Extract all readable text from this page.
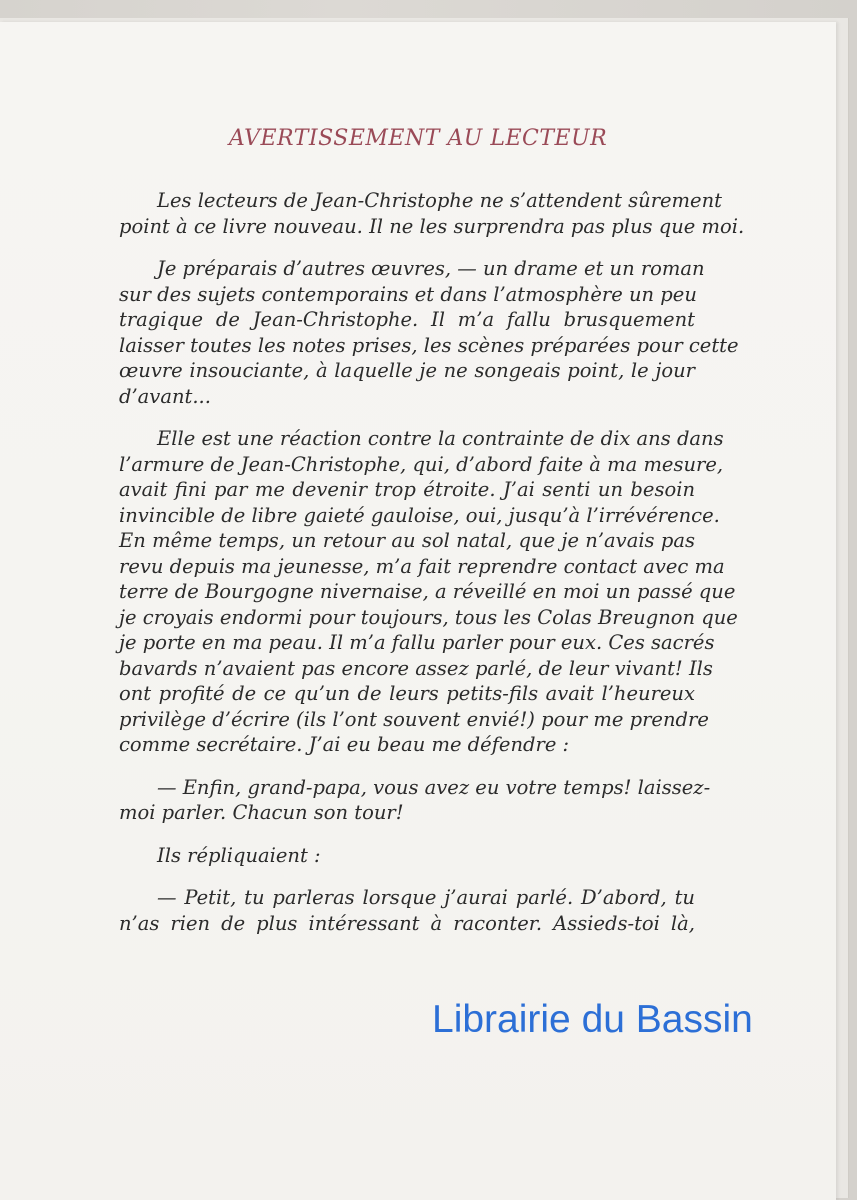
AVERTISSEMENT AU LECTEUR
Les lecteurs de Jean-Christophe ne s’attendent sûrement
point à ce livre nouveau. Il ne les surprendra pas plus que moi.
Je préparais d’autres œuvres, — un drame et un roman
sur des sujets contemporains et dans l’atmosphère un peu
tragique de Jean-Christophe. Il m’a fallu brusquement
laisser toutes les notes prises, les scènes préparées pour cette
œuvre insouciante, à laquelle je ne songeais point, le jour
d’avant...
Elle est une réaction contre la contrainte de dix ans dans
l’armure de Jean-Christophe, qui, d’abord faite à ma mesure,
avait fini par me devenir trop étroite. J’ai senti un besoin
invincible de libre gaieté gauloise, oui, jusqu’à l’irrévérence.
En même temps, un retour au sol natal, que je n’avais pas
revu depuis ma jeunesse, m’a fait reprendre contact avec ma
terre de Bourgogne nivernaise, a réveillé en moi un passé que
je croyais endormi pour toujours, tous les Colas Breugnon que
je porte en ma peau. Il m’a fallu parler pour eux. Ces sacrés
bavards n’avaient pas encore assez parlé, de leur vivant! Ils
ont profité de ce qu’un de leurs petits-fils avait l’heureux
privilège d’écrire (ils l’ont souvent envié!) pour me prendre
comme secrétaire. J’ai eu beau me défendre :
— Enfin, grand-papa, vous avez eu votre temps! laissez-
moi parler. Chacun son tour!
Ils répliquaient :
— Petit, tu parleras lorsque j’aurai parlé. D’abord, tu
n’as rien de plus intéressant à raconter. Assieds-toi là,
Librairie du Bassin
